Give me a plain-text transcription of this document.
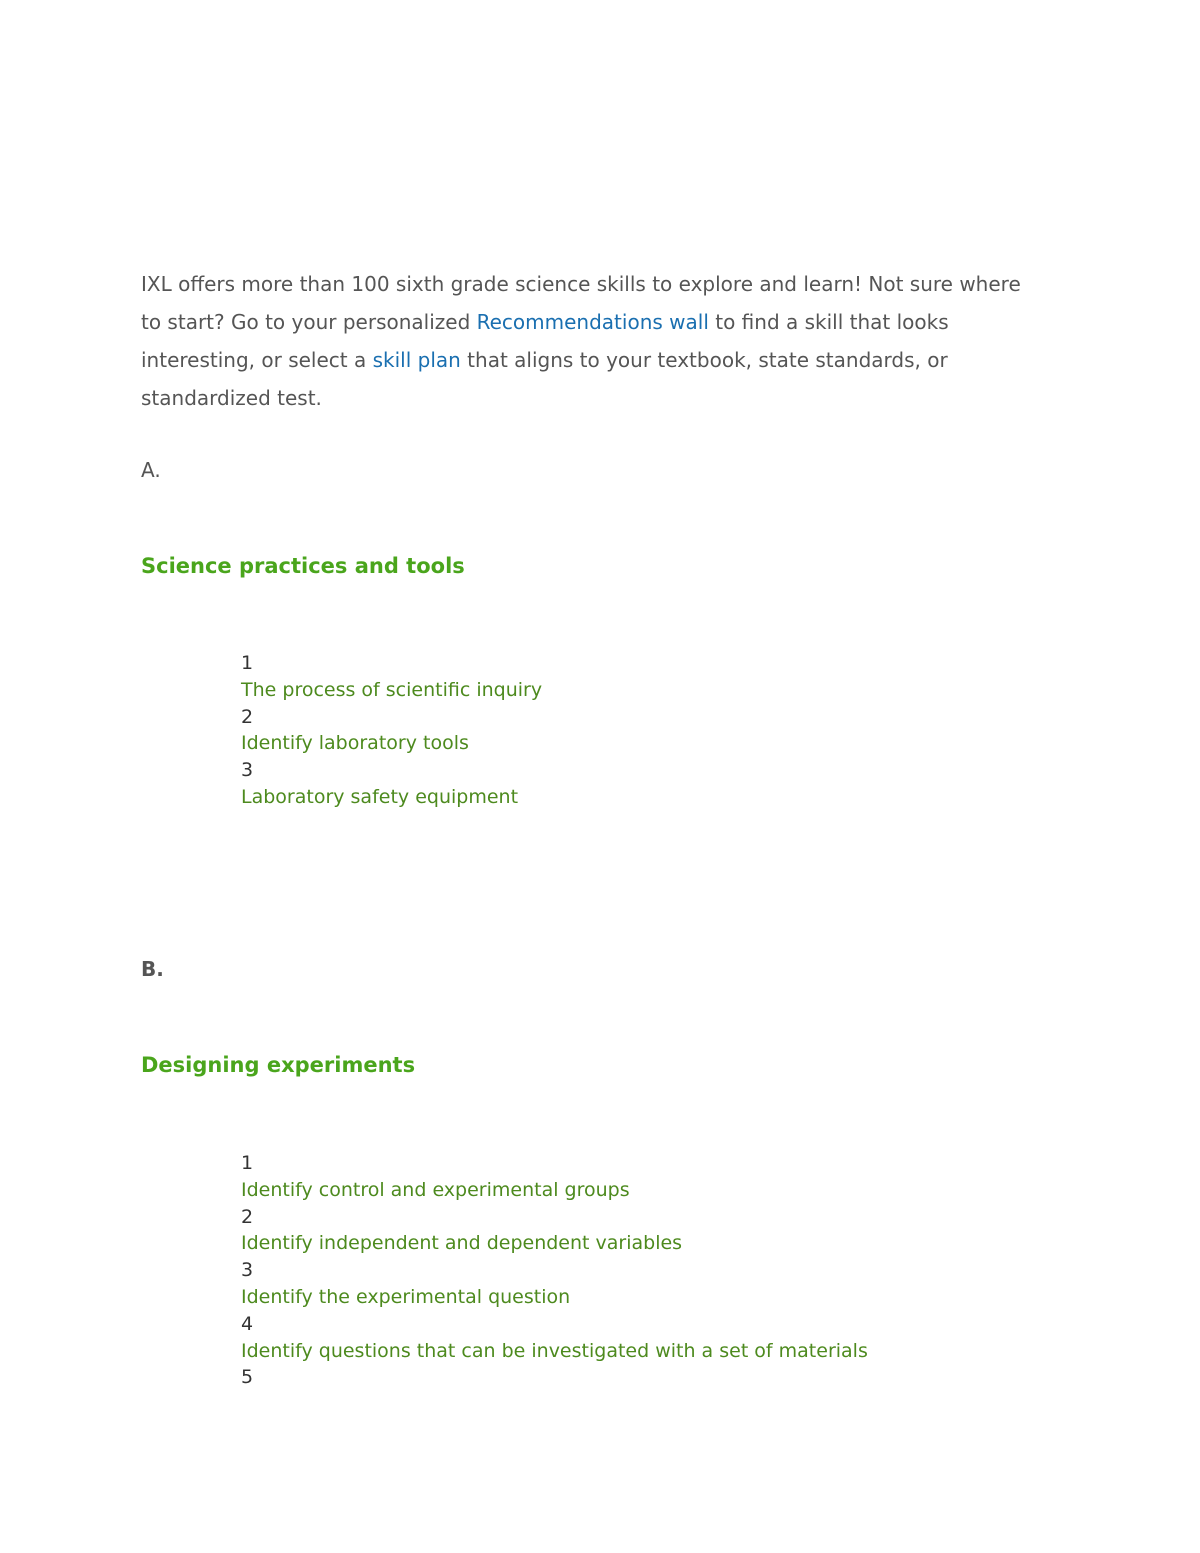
IXL offers more than 100 sixth grade science skills to explore and learn! Not sure where to start? Go to your personalized Recommendations wall to find a skill that looks interesting, or select a skill plan that aligns to your textbook, state standards, or standardized test.

A.

Science practices and tools
1
The process of scientific inquiry
2
Identify laboratory tools
3
Laboratory safety equipment

B.

Designing experiments
1
Identify control and experimental groups
2
Identify independent and dependent variables
3
Identify the experimental question
4
Identify questions that can be investigated with a set of materials
5
